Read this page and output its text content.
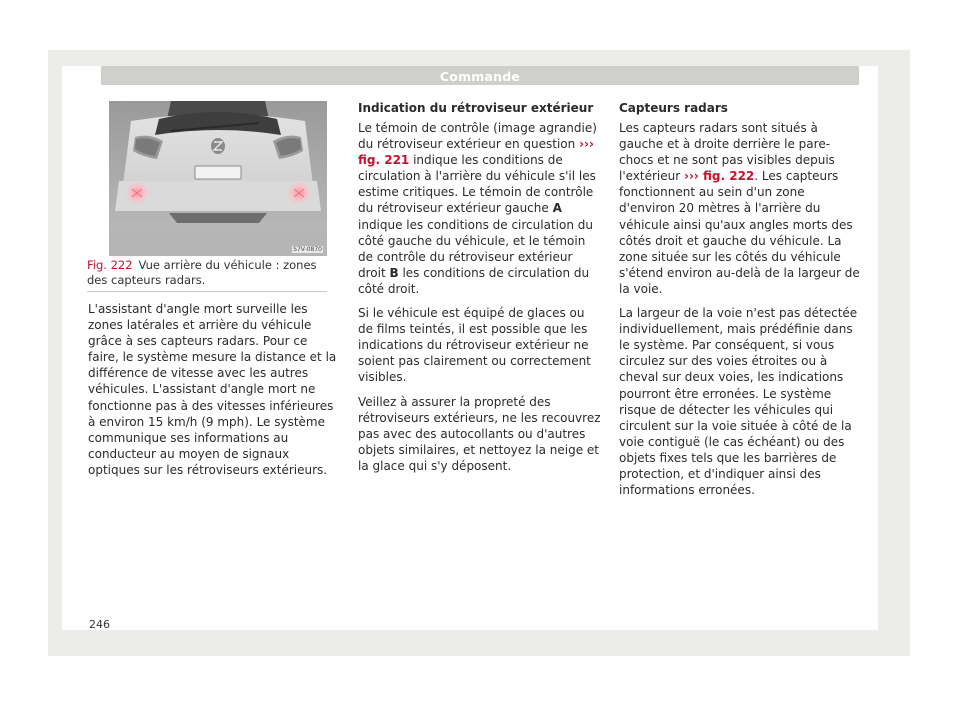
Commande
S7V-0870
Fig. 222 Vue arrière du véhicule : zones des capteurs radars.

L'assistant d'angle mort surveille les zones latérales et arrière du véhicule grâce à ses capteurs radars. Pour ce faire, le système mesure la distance et la différence de vitesse avec les autres véhicules. L'assistant d'angle mort ne fonctionne pas à des vitesses inférieures à environ 15 km/h (9 mph). Le système communique ses informations au conducteur au moyen de signaux optiques sur les rétroviseurs extérieurs.

Indication du rétroviseur extérieur

Le témoin de contrôle (image agrandie) du rétroviseur extérieur en question ››› fig. 221 indique les conditions de circulation à l'arrière du véhicule s'il les estime critiques. Le témoin de contrôle du rétroviseur extérieur gauche A indique les conditions de circulation du côté gauche du véhicule, et le témoin de contrôle du rétroviseur extérieur droit B les conditions de circulation du côté droit.

Si le véhicule est équipé de glaces ou de films teintés, il est possible que les indications du rétroviseur extérieur ne soient pas clairement ou correctement visibles.

Veillez à assurer la propreté des rétroviseurs extérieurs, ne les recouvrez pas avec des autocollants ou d'autres objets similaires, et nettoyez la neige et la glace qui s'y déposent.

Capteurs radars

Les capteurs radars sont situés à gauche et à droite derrière le pare-chocs et ne sont pas visibles depuis l'extérieur ››› fig. 222. Les capteurs fonctionnent au sein d'un zone d'environ 20 mètres à l'arrière du véhicule ainsi qu'aux angles morts des côtés droit et gauche du véhicule. La zone située sur les côtés du véhicule s'étend environ au-delà de la largeur de la voie.

La largeur de la voie n'est pas détectée individuellement, mais prédéfinie dans le système. Par conséquent, si vous circulez sur des voies étroites ou à cheval sur deux voies, les indications pourront être erronées. Le système risque de détecter les véhicules qui circulent sur la voie située à côté de la voie contiguë (le cas échéant) ou des objets fixes tels que les barrières de protection, et d'indiquer ainsi des informations erronées.

246
